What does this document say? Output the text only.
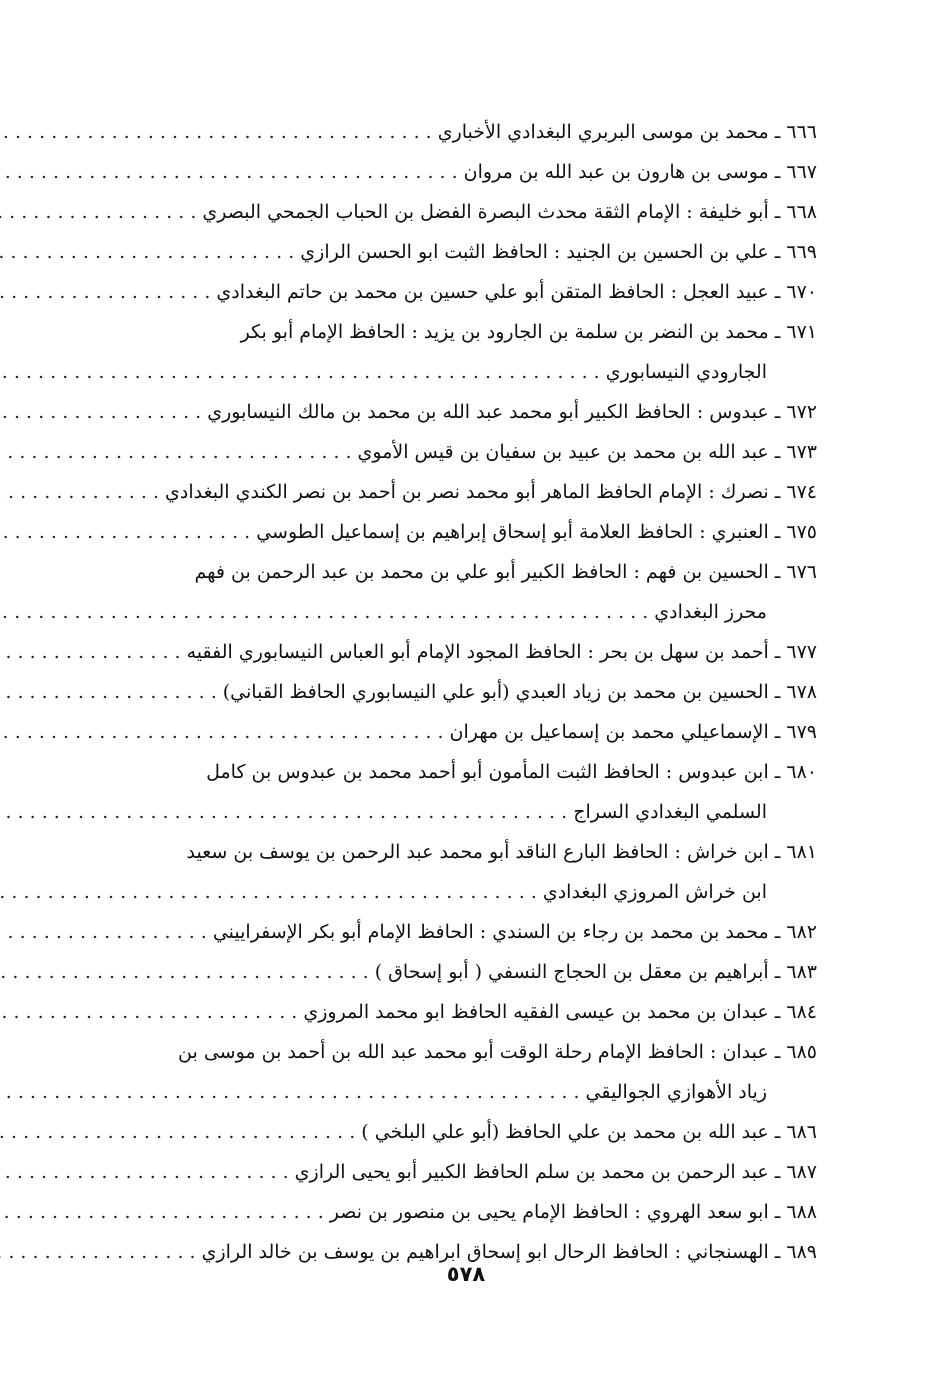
٦٦٦ ـ محمد بن موسى البربري البغدادي الأخباري
. . .
٦٦٧ ـ موسى بن هارون بن عبد الله بن مروان
. . .
٦٦٨ ـ أبو خليفة : الإمام الثقة محدث البصرة الفضل بن الحباب الجمحي البصري
. . .
٦٦٩ ـ علي بن الحسين بن الجنيد : الحافظ الثبت ابو الحسن الرازي
. . .
٦٧٠ ـ عبيد العجل : الحافظ المتقن أبو علي حسين بن محمد بن حاتم البغدادي
. . .
٦٧١ ـ محمد بن النضر بن سلمة بن الجارود بن يزيد : الحافظ الإمام أبو بكر
الجارودي النيسابوري
. . .
٦٧٢ ـ عبدوس : الحافظ الكبير أبو محمد عبد الله بن محمد بن مالك النيسابوري
. . .
٦٧٣ ـ عبد الله بن محمد بن عبيد بن سفيان بن قيس الأموي
. . .
٦٧٤ ـ نصرك : الإمام الحافظ الماهر أبو محمد نصر بن أحمد بن نصر الكندي البغدادي
. . .
٦٧٥ ـ العنبري : الحافظ العلامة أبو إسحاق إبراهيم بن إسماعيل الطوسي
. . .
٦٧٦ ـ الحسين بن فهم : الحافظ الكبير أبو علي بن محمد بن عبد الرحمن بن فهم
محرز البغدادي
. . .
٦٧٧ ـ أحمد بن سهل بن بحر : الحافظ المجود الإمام أبو العباس النيسابوري الفقيه
. . .
٦٧٨ ـ الحسين بن محمد بن زياد العبدي (أبو علي النيسابوري الحافظ القباني)
. . .
٦٧٩ ـ الإسماعيلي محمد بن إسماعيل بن مهران
. . .
٦٨٠ ـ ابن عبدوس : الحافظ الثبت المأمون أبو أحمد محمد بن عبدوس بن كامل
السلمي البغدادي السراج
. . .
٦٨١ ـ ابن خراش : الحافظ البارع الناقد أبو محمد عبد الرحمن بن يوسف بن سعيد
ابن خراش المروزي البغدادي
. . .
٦٨٢ ـ محمد بن محمد بن رجاء بن السندي : الحافظ الإمام أبو بكر الإسفراييني
. . .
٦٨٣ ـ أبراهيم بن معقل بن الحجاج النسفي ( أبو إسحاق )
. . .
٦٨٤ ـ عبدان بن محمد بن عيسى الفقيه الحافظ ابو محمد المروزي
. . .
٦٨٥ ـ عبدان : الحافظ الإمام رحلة الوقت أبو محمد عبد الله بن أحمد بن موسى بن
زياد الأهوازي الجواليقي
. . .
٦٨٦ ـ عبد الله بن محمد بن علي الحافظ (أبو علي البلخي )
. . .
٦٨٧ ـ عبد الرحمن بن محمد بن سلم الحافظ الكبير أبو يحيى الرازي
. . .
٦٨٨ ـ ابو سعد الهروي : الحافظ الإمام يحيى بن منصور بن نصر
. . .
٦٨٩ ـ الهسنجاني : الحافظ الرحال ابو إسحاق ابراهيم بن يوسف بن خالد الرازي
. . .
٥٧٨
